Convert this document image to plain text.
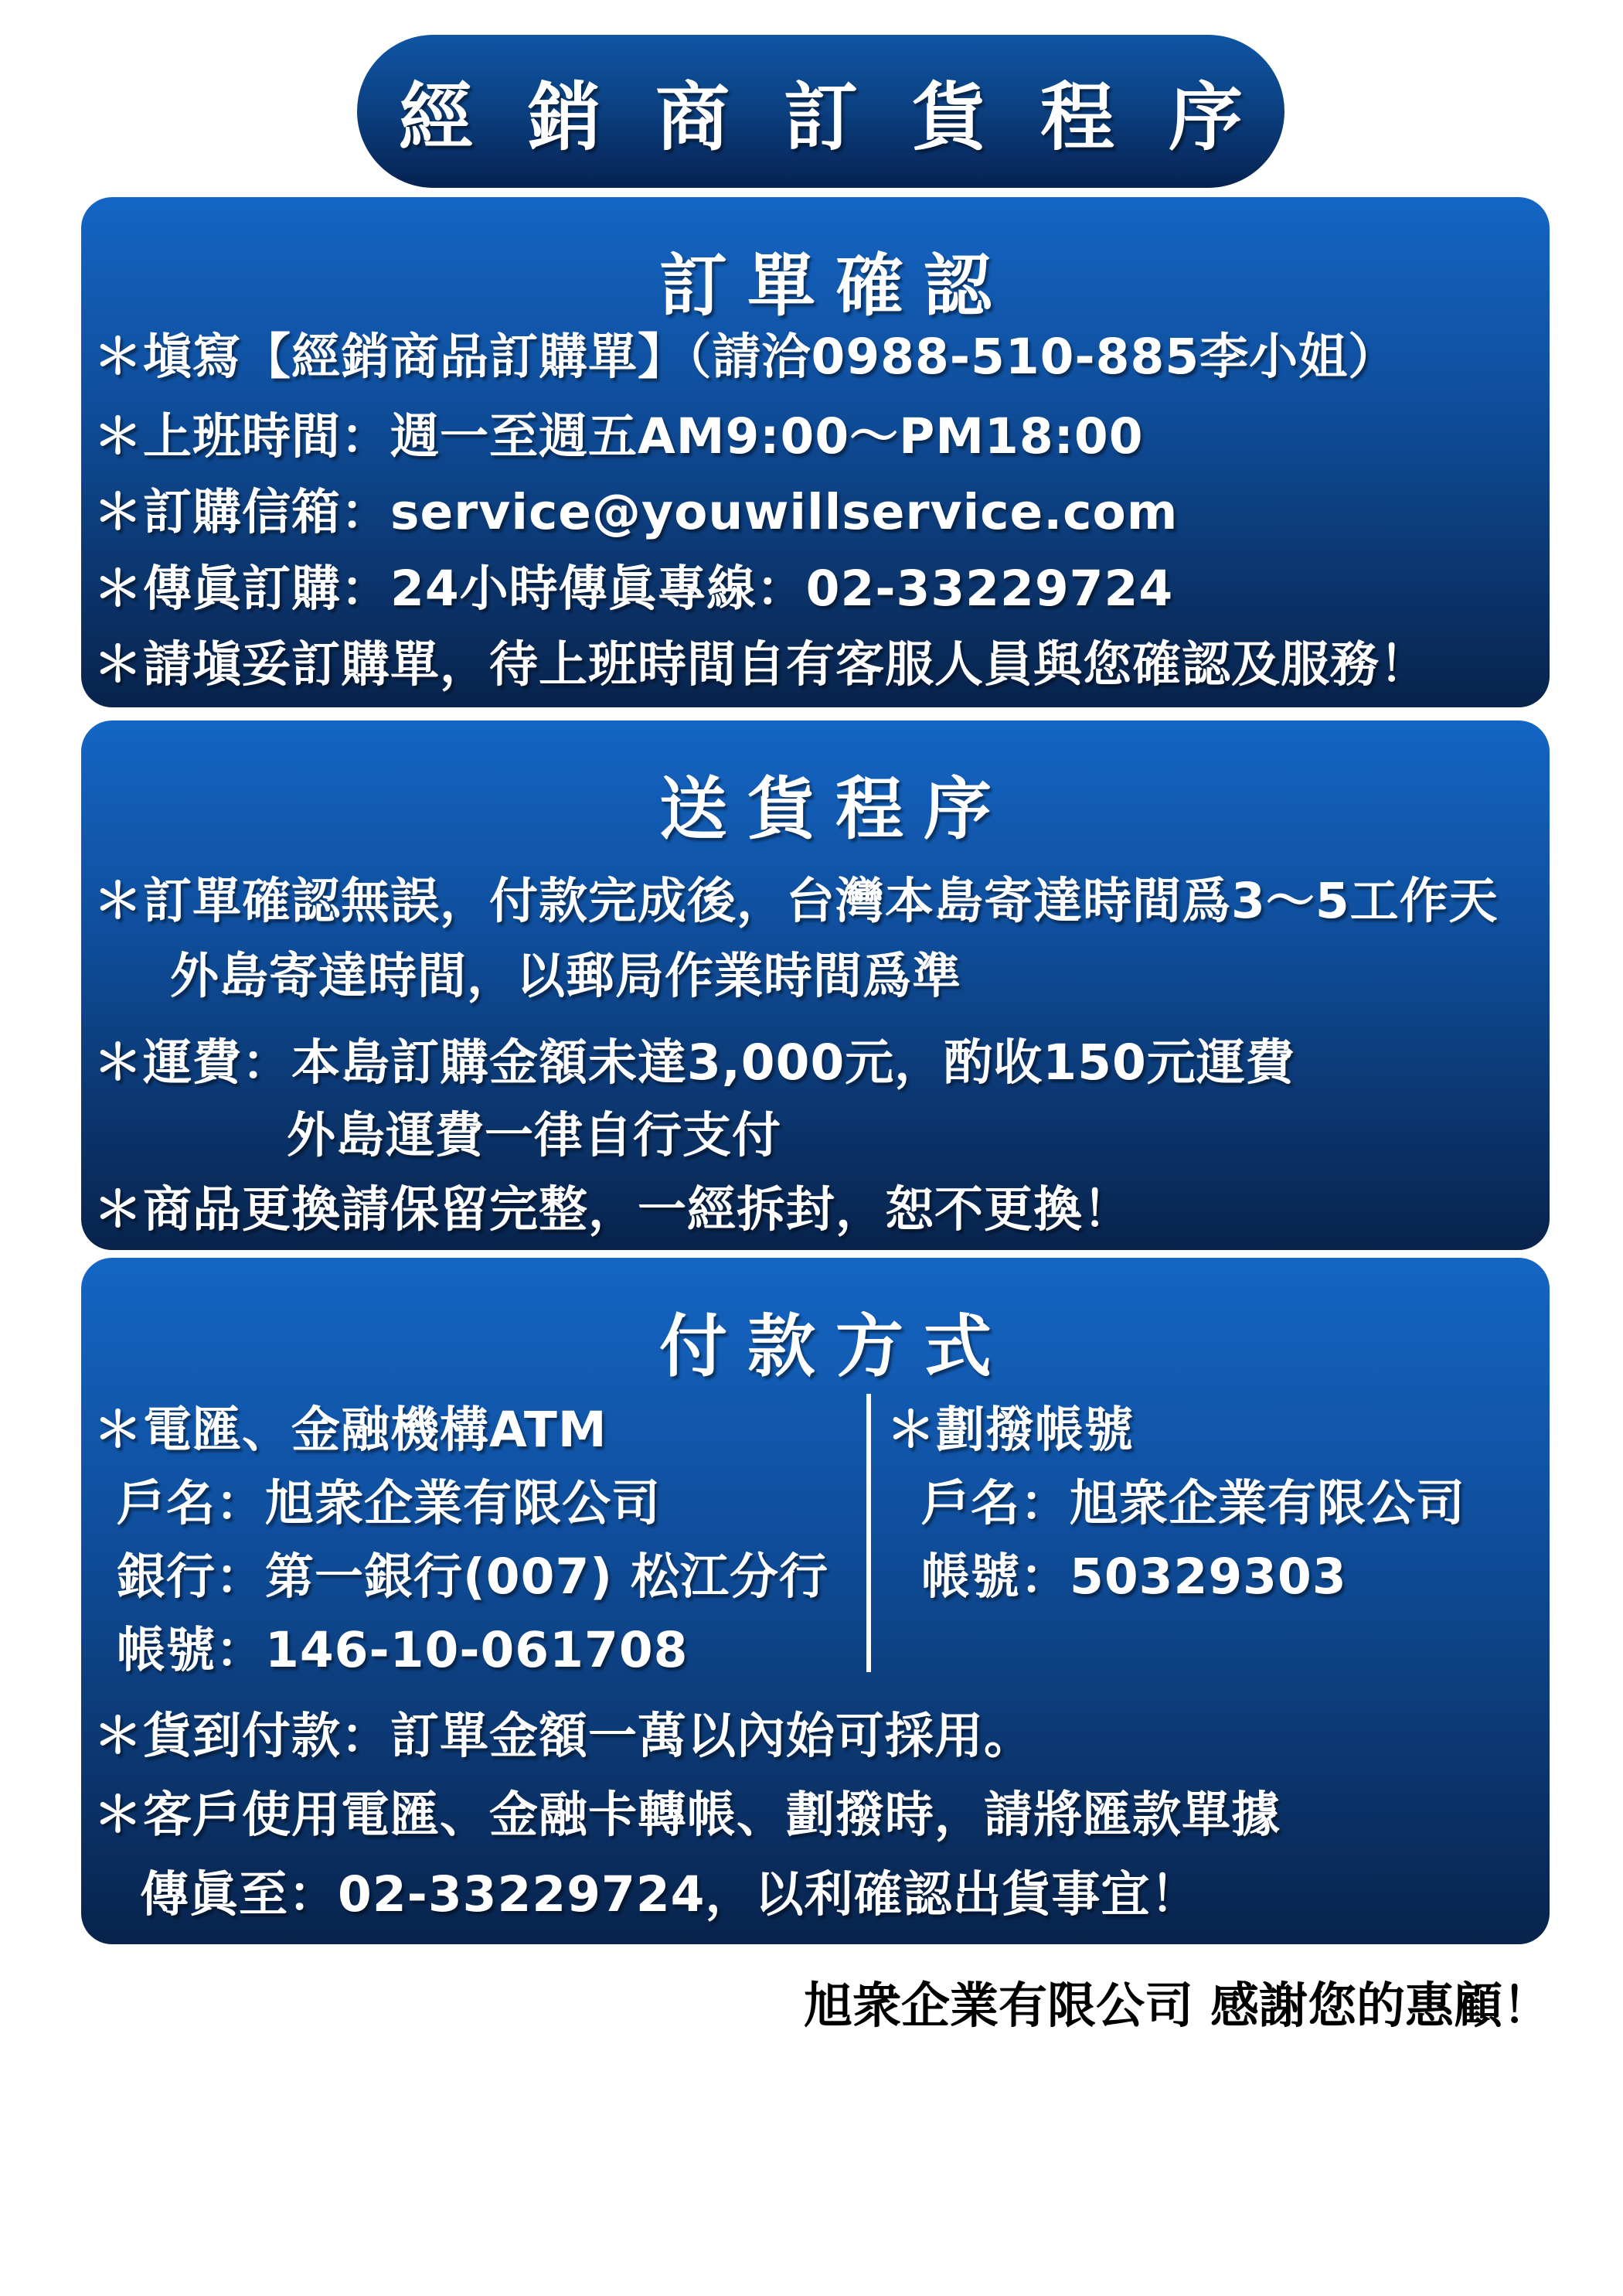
經銷商訂貨程序
訂單確認
＊塡寫【經銷商品訂購單】（請洽0988-510-885李小姐）
＊上班時間：週一至週五AM9:00～PM18:00
＊訂購信箱：service@youwillservice.com
＊傳眞訂購：24小時傳眞專線：02-33229724
＊請塡妥訂購單，待上班時間自有客服人員與您確認及服務！
送貨程序
＊訂單確認無誤，付款完成後，台灣本島寄達時間爲3～5工作天
外島寄達時間，以郵局作業時間爲準
＊運費：本島訂購金額未達3,000元，酌收150元運費
外島運費一律自行支付
＊商品更換請保留完整，一經拆封，恕不更換！
付款方式
＊電匯、金融機構ATM
戶名：旭衆企業有限公司
銀行：第一銀行(007) 松江分行
帳號：146-10-061708
＊劃撥帳號
戶名：旭衆企業有限公司
帳號：50329303
＊貨到付款：訂單金額一萬以內始可採用。
＊客戶使用電匯、金融卡轉帳、劃撥時，請將匯款單據
傳眞至：02-33229724，以利確認出貨事宜！
旭衆企業有限公司 感謝您的惠顧！
